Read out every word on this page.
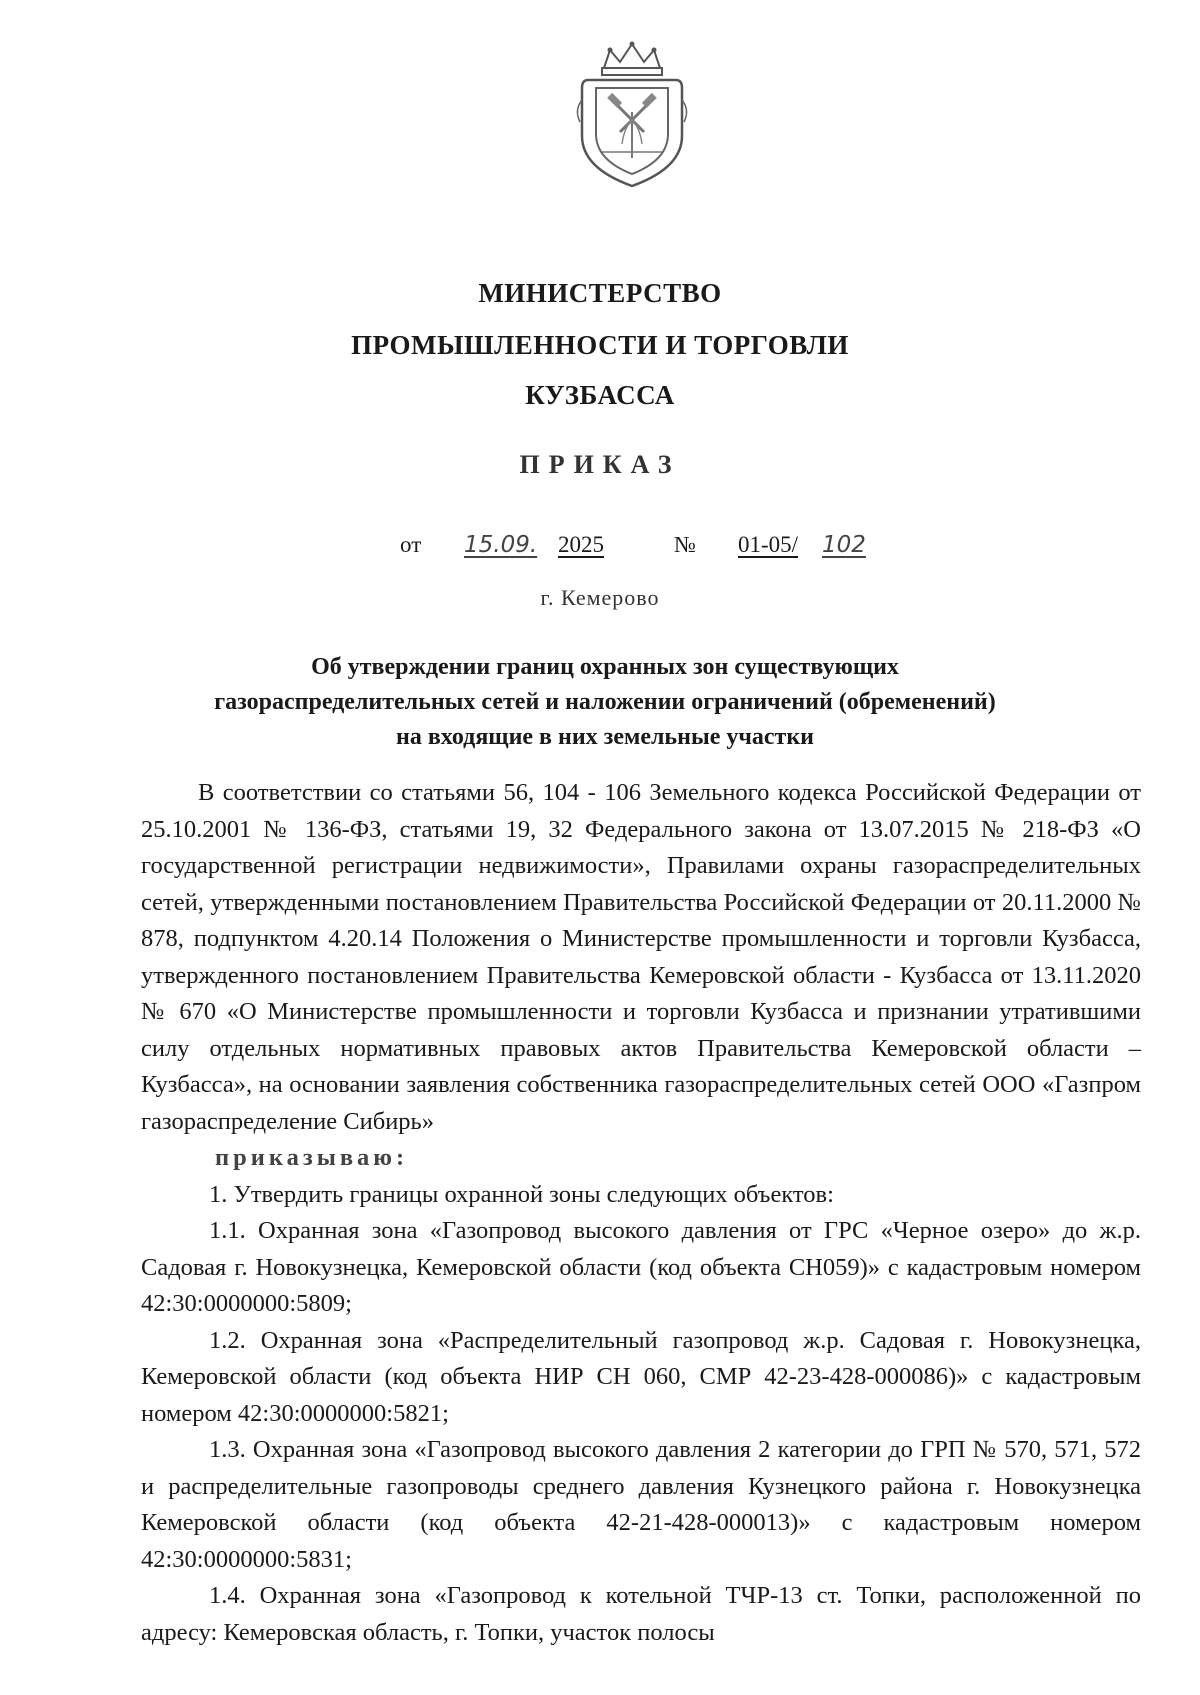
МИНИСТЕРСТВО
ПРОМЫШЛЕННОСТИ И ТОРГОВЛИ
КУЗБАССА
ПРИКАЗ
от 15.09. 2025	№ 01-05/ 102
г. Кемерово
Об утверждении границ охранных зон существующих газораспределительных сетей и наложении ограничений (обременений) на входящие в них земельные участки

В соответствии со статьями 56, 104 - 106 Земельного кодекса Российской Федерации от 25.10.2001 № 136-ФЗ, статьями 19, 32 Федерального закона от 13.07.2015 № 218-ФЗ «О государственной регистрации недвижимости», Правилами охраны газораспределительных сетей, утвержденными постановлением Правительства Российской Федерации от 20.11.2000 № 878, подпунктом 4.20.14 Положения о Министерстве промышленности и торговли Кузбасса, утвержденного постановлением Правительства Кемеровской области - Кузбасса от 13.11.2020 № 670 «О Министерстве промышленности и торговли Кузбасса и признании утратившими силу отдельных нормативных правовых актов Правительства Кемеровской области – Кузбасса», на основании заявления собственника газораспределительных сетей ООО «Газпром газораспределение Сибирь»

приказываю:

1. Утвердить границы охранной зоны следующих объектов:

1.1. Охранная зона «Газопровод высокого давления от ГРС «Черное озеро» до ж.р. Садовая г. Новокузнецка, Кемеровской области (код объекта СН059)» с кадастровым номером 42:30:0000000:5809;

1.2. Охранная зона «Распределительный газопровод ж.р. Садовая г. Новокузнецка, Кемеровской области (код объекта НИР СН 060, СМР 42-23-428-000086)» с кадастровым номером 42:30:0000000:5821;

1.3. Охранная зона «Газопровод высокого давления 2 категории до ГРП № 570, 571, 572 и распределительные газопроводы среднего давления Кузнецкого района г. Новокузнецка Кемеровской области (код объекта 42-21-428-000013)» с кадастровым номером 42:30:0000000:5831;

1.4. Охранная зона «Газопровод к котельной ТЧР-13 ст. Топки, расположенной по адресу: Кемеровская область, г. Топки, участок полосы
